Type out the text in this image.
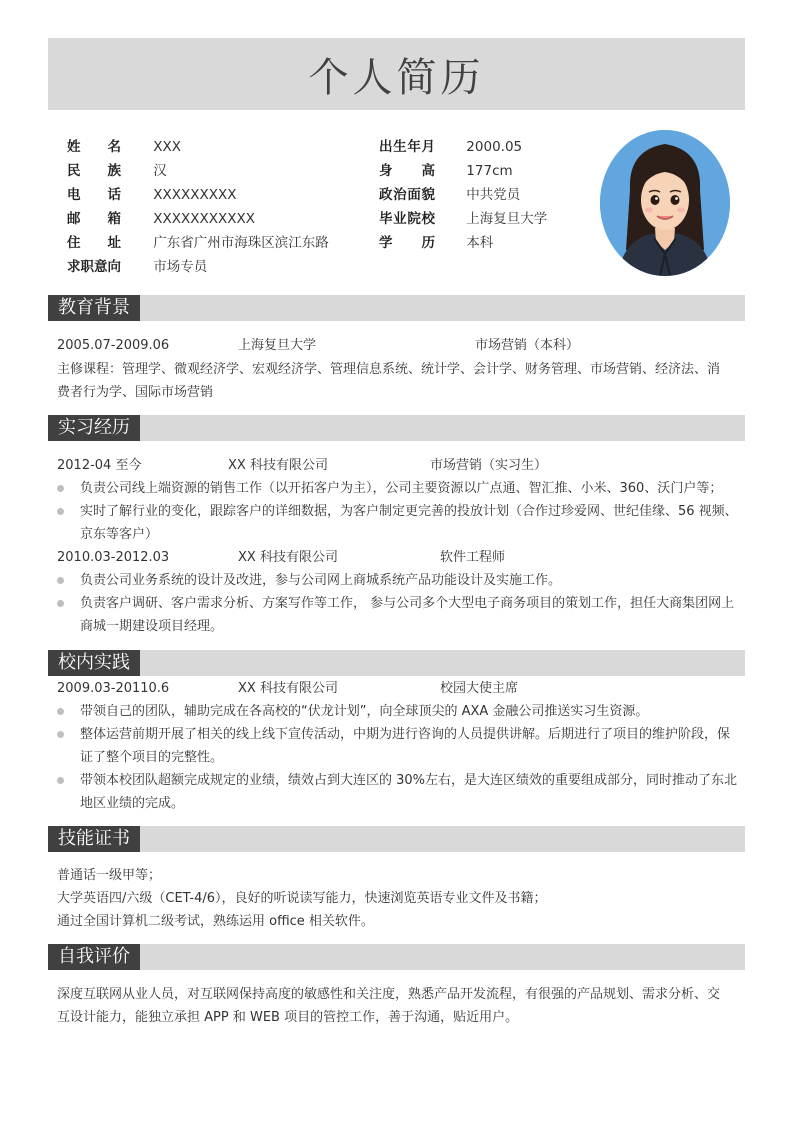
个人简历
姓名 XXX
民族 汉
电话 XXXXXXXXX
邮箱 XXXXXXXXXXX
住址 广东省广州市海珠区滨江东路
求职意向 市场专员
出生年月 2000.05
身高 177cm
政治面貌 中共党员
毕业院校 上海复旦大学
学历 本科
教育背景
2005.07-2009.06	上海复旦大学	市场营销（本科）
主修课程：管理学、微观经济学、宏观经济学、管理信息系统、统计学、会计学、财务管理、市场营销、经济法、消
费者行为学、国际市场营销
实习经历
2012-04 至今	XX 科技有限公司	市场营销（实习生）
负责公司线上端资源的销售工作（以开拓客户为主），公司主要资源以广点通、智汇推、小米、360、沃门户等；
实时了解行业的变化，跟踪客户的详细数据，为客户制定更完善的投放计划（合作过珍爱网、世纪佳缘、56 视频、京东等客户）
2010.03-2012.03	XX 科技有限公司	软件工程师
负责公司业务系统的设计及改进，参与公司网上商城系统产品功能设计及实施工作。
负责客户调研、客户需求分析、方案写作等工作， 参与公司多个大型电子商务项目的策划工作，担任大商集团网上商城一期建设项目经理。
校内实践
2009.03-20110.6	XX 科技有限公司	校园大使主席
带领自己的团队，辅助完成在各高校的“伏龙计划”，向全球顶尖的 AXA 金融公司推送实习生资源。
整体运营前期开展了相关的线上线下宣传活动，中期为进行咨询的人员提供讲解。后期进行了项目的维护阶段，保证了整个项目的完整性。
带领本校团队超额完成规定的业绩，绩效占到大连区的 30%左右，是大连区绩效的重要组成部分，同时推动了东北地区业绩的完成。
技能证书
普通话一级甲等；
大学英语四/六级（CET-4/6），良好的听说读写能力，快速浏览英语专业文件及书籍；
通过全国计算机二级考试，熟练运用 office 相关软件。
自我评价
深度互联网从业人员，对互联网保持高度的敏感性和关注度，熟悉产品开发流程，有很强的产品规划、需求分析、交
互设计能力，能独立承担 APP 和 WEB 项目的管控工作，善于沟通，贴近用户。
